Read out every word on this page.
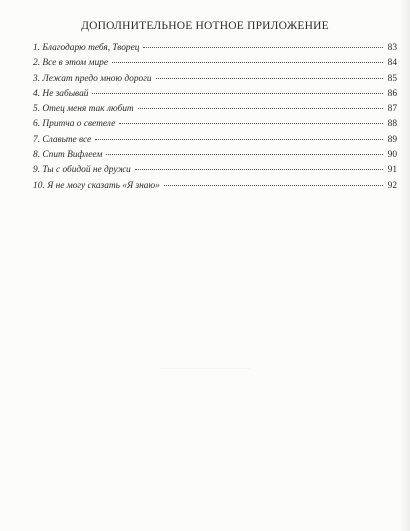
ДОПОЛНИТЕЛЬНОЕ НОТНОЕ ПРИЛОЖЕНИЕ
1. Благодарю тебя, Творец	83
2. Все в этом мире	84
3. Лежат предо мною дороги	85
4. Не забывай	86
5. Отец меня так любит	87
6. Притча о светеле	88
7. Славьте все	89
8. Спит Вифлеем	90
9. Ты с обидой не дружи	91
10. Я не могу сказать «Я знаю»	92
